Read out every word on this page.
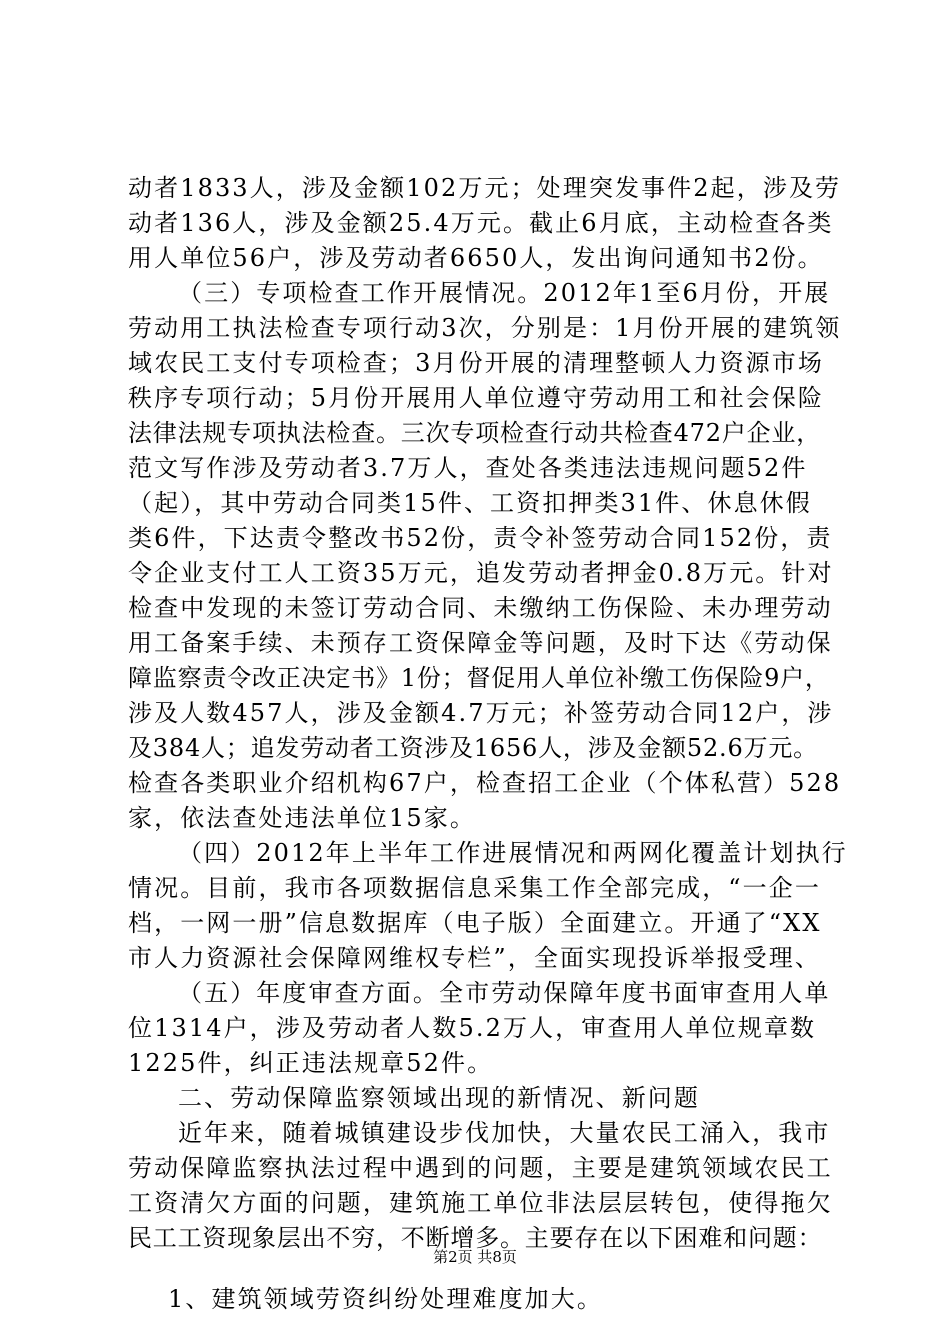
动者1833人，涉及金额102万元；处理突发事件2起，涉及劳
动者136人，涉及金额25.4万元。截止6月底，主动检查各类
用人单位56户，涉及劳动者6650人，发出询问通知书2份。
（三）专项检查工作开展情况。2012年1至6月份，开展
劳动用工执法检查专项行动3次，分别是：1月份开展的建筑领
域农民工支付专项检查；3月份开展的清理整顿人力资源市场
秩序专项行动；5月份开展用人单位遵守劳动用工和社会保险
法律法规专项执法检查。三次专项检查行动共检查472户企业，
范文写作涉及劳动者3.7万人，查处各类违法违规问题52件
（起），其中劳动合同类15件、工资扣押类31件、休息休假
类6件，下达责令整改书52份，责令补签劳动合同152份，责
令企业支付工人工资35万元，追发劳动者押金0.8万元。针对
检查中发现的未签订劳动合同、未缴纳工伤保险、未办理劳动
用工备案手续、未预存工资保障金等问题，及时下达《劳动保
障监察责令改正决定书》1份；督促用人单位补缴工伤保险9户，
涉及人数457人，涉及金额4.7万元；补签劳动合同12户，涉
及384人；追发劳动者工资涉及1656人，涉及金额52.6万元。
检查各类职业介绍机构67户，检查招工企业（个体私营）528
家，依法查处违法单位15家。
（四）2012年上半年工作进展情况和两网化覆盖计划执行
情况。目前，我市各项数据信息采集工作全部完成，“一企一
档，一网一册”信息数据库（电子版）全面建立。开通了“XX
市人力资源社会保障网维权专栏”，全面实现投诉举报受理、
（五）年度审查方面。全市劳动保障年度书面审查用人单
位1314户，涉及劳动者人数5.2万人，审查用人单位规章数
1225件，纠正违法规章52件。
二、劳动保障监察领域出现的新情况、新问题
近年来，随着城镇建设步伐加快，大量农民工涌入，我市
劳动保障监察执法过程中遇到的问题，主要是建筑领域农民工
工资清欠方面的问题，建筑施工单位非法层层转包，使得拖欠
民工工资现象层出不穷，不断增多。主要存在以下困难和问题：
1、建筑领域劳资纠纷处理难度加大。
第2页 共8页
